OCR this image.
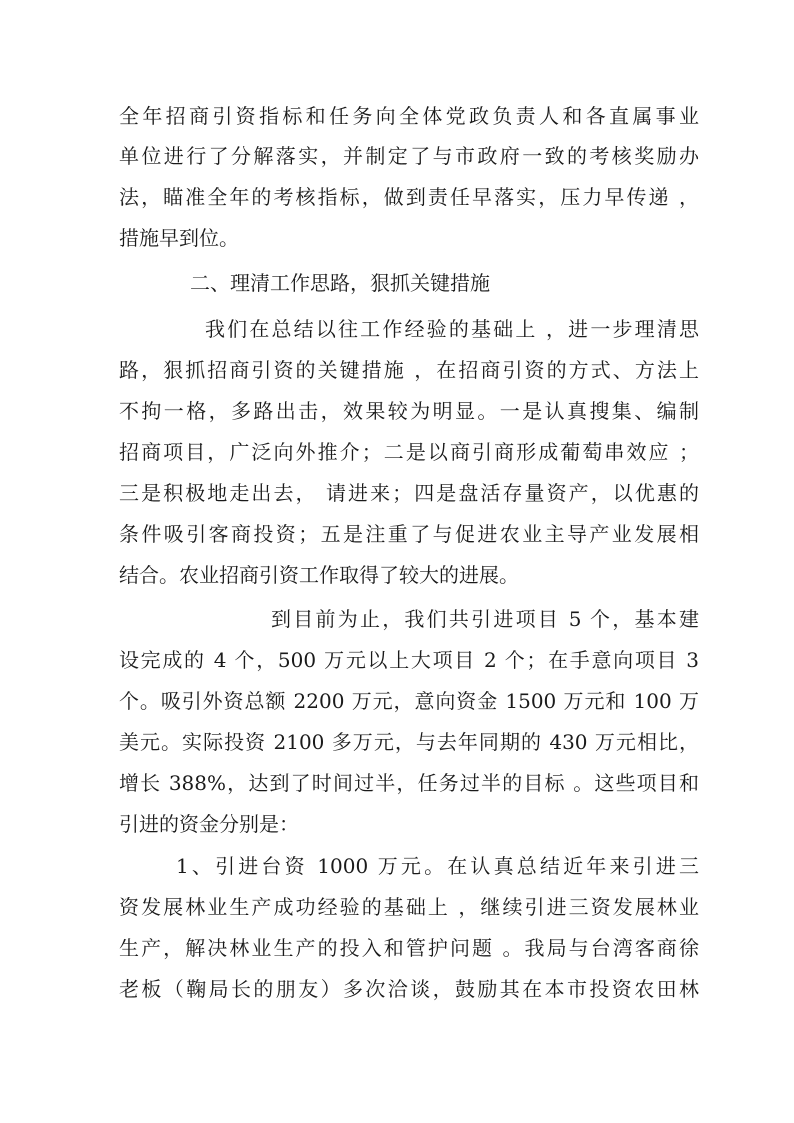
全年招商引资指标和任务向全体党政负责人和各直属事业
单位进行了分解落实，并制定了与市政府一致的考核奖励办
法，瞄准全年的考核指标，做到责任早落实，压力早传递 ，
措施早到位。
二、理清工作思路，狠抓关键措施
我们在总结以往工作经验的基础上 ，进一步理清思
路，狠抓招商引资的关键措施 ，在招商引资的方式、方法上
不拘一格，多路出击，效果较为明显。一是认真搜集、编制
招商项目，广泛向外推介；二是以商引商形成葡萄串效应 ；
三是积极地走出去， 请进来；四是盘活存量资产，以优惠的
条件吸引客商投资；五是注重了与促进农业主导产业发展相
结合。农业招商引资工作取得了较大的进展。
到目前为止，我们共引进项目 5 个，基本建
设完成的 4 个，500 万元以上大项目 2 个；在手意向项目 3
个。吸引外资总额 2200 万元，意向资金 1500 万元和 100 万
美元。实际投资 2100 多万元，与去年同期的 430 万元相比，
增长 388%，达到了时间过半，任务过半的目标 。这些项目和
引进的资金分别是：
1、引进台资 1000 万元。在认真总结近年来引进三
资发展林业生产成功经验的基础上 ，继续引进三资发展林业
生产，解决林业生产的投入和管护问题 。我局与台湾客商徐
老板（鞠局长的朋友）多次洽谈，鼓励其在本市投资农田林
